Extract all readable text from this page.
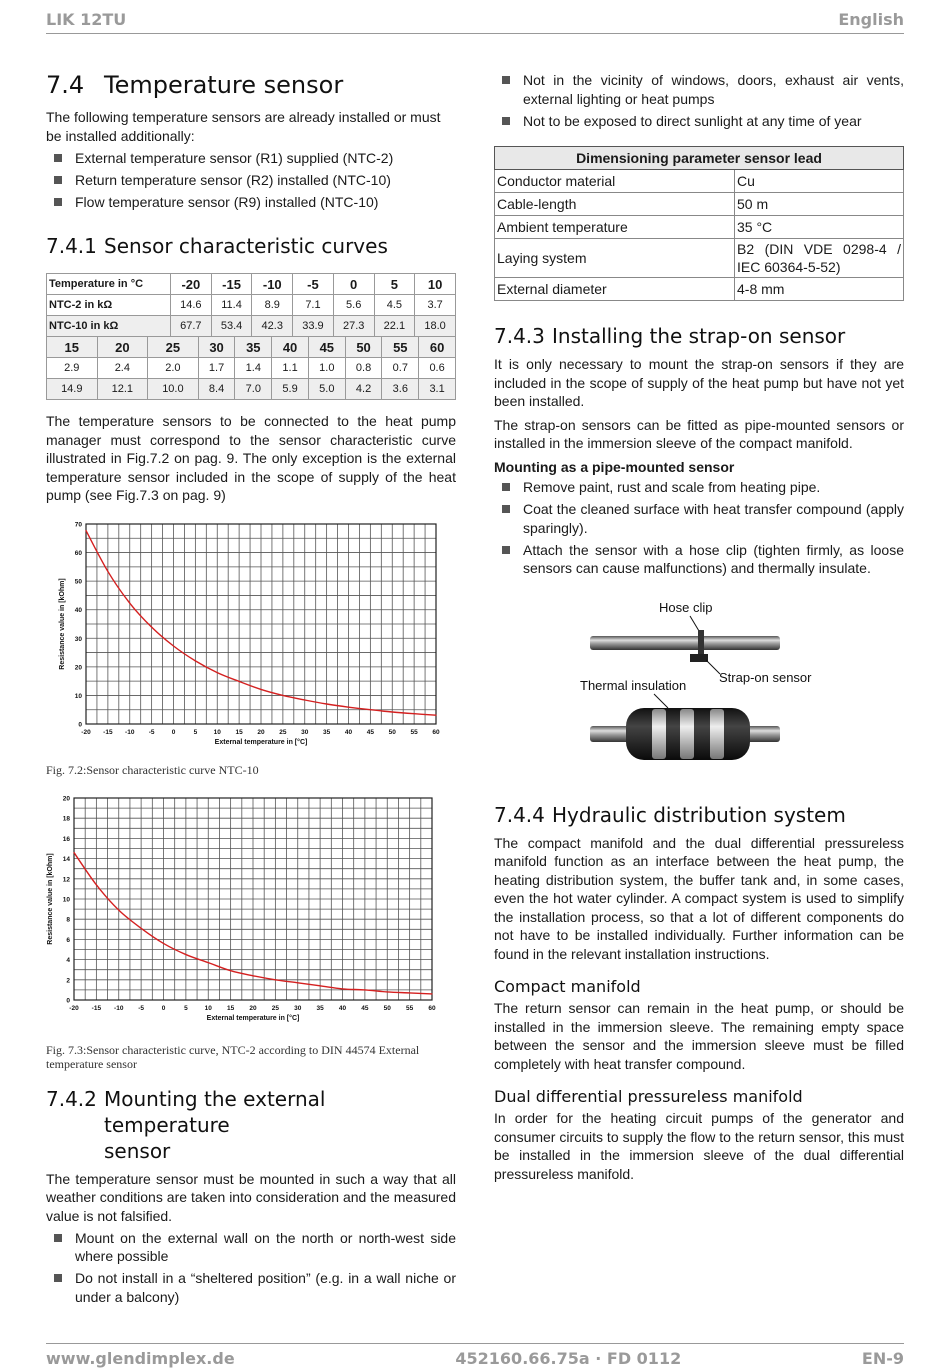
LIK 12TU	English
7.4 Temperature sensor

The following temperature sensors are already installed or must be installed additionally:

External temperature sensor (R1) supplied (NTC-2)
Return temperature sensor (R2) installed (NTC-10)
Flow temperature sensor (R9) installed (NTC-10)
7.4.1 Sensor characteristic curves
Temperature in °C	-20	-15	-10	-5	0	5	10
NTC-2 in kΩ	14.6	11.4	8.9	7.1	5.6	4.5	3.7
NTC-10 in kΩ	67.7	53.4	42.3	33.9	27.3	22.1	18.0
15	20	25	30	35	40	45	50	55	60
2.9	2.4	2.0	1.7	1.4	1.1	1.0	0.8	0.7	0.6
14.9	12.1	10.0	8.4	7.0	5.9	5.0	4.2	3.6	3.1

The temperature sensors to be connected to the heat pump manager must correspond to the sensor characteristic curve illustrated in Fig.7.2 on pag. 9. The only exception is the external temperature sensor included in the scope of supply of the heat pump (see Fig.7.3 on pag. 9)

-20 -15 -10 -5	0	5	10 15 20 25 30 35 40 45 50 55 60
0
10
20
30
40
50
60
70
External temperature in [°C]
Resistance value in [kOhm]
Fig. 7.2:Sensor characteristic curve NTC-10
-20 -15 -10 -5	0	5	10 15 20 25 30 35 40 45 50 55 60
0
2
4
6
8
10
12
14
16
18
20
External temperature in [°C]
Resistance value in [kOhm]
Fig. 7.3:Sensor characteristic curve, NTC-2 according to DIN 44574 External temperature sensor
7.4.2 Mounting the external temperature
sensor

The temperature sensor must be mounted in such a way that all weather conditions are taken into consideration and the measured value is not falsified.

Mount on the external wall on the north or north-west side where possible
Do not install in a “sheltered position” (e.g. in a wall niche or under a balcony)
Not in the vicinity of windows, doors, exhaust air vents, external lighting or heat pumps
Not to be exposed to direct sunlight at any time of year
Dimensioning parameter sensor lead	
Conductor material	Cu
Cable-length	50 m
Ambient temperature	35 °C
Laying system	B2 (DIN VDE 0298-4 / IEC 60364-5-52)
External diameter	4-8 mm
7.4.3 Installing the strap-on sensor

It is only necessary to mount the strap-on sensors if they are included in the scope of supply of the heat pump but have not yet been installed.

The strap-on sensors can be fitted as pipe-mounted sensors or installed in the immersion sleeve of the compact manifold.

Mounting as a pipe-mounted sensor
Remove paint, rust and scale from heating pipe.
Coat the cleaned surface with heat transfer compound (apply sparingly).
Attach the sensor with a hose clip (tighten firmly, as loose sensors can cause malfunctions) and thermally insulate.
Hose clip
Strap-on sensor
Thermal insulation
7.4.4 Hydraulic distribution system

The compact manifold and the dual differential pressureless manifold function as an interface between the heat pump, the heating distribution system, the buffer tank and, in some cases, even the hot water cylinder. A compact system is used to simplify the installation process, so that a lot of different components do not have to be installed individually. Further information can be found in the relevant installation instructions.

Compact manifold

The return sensor can remain in the heat pump, or should be installed in the immersion sleeve. The remaining empty space between the sensor and the immersion sleeve must be filled completely with heat transfer compound.

Dual differential pressureless manifold

In order for the heating circuit pumps of the generator and consumer circuits to supply the flow to the return sensor, this must be installed in the immersion sleeve of the dual differential pressureless manifold.

www.glendimplex.de	452160.66.75a · FD 0112	EN-9
